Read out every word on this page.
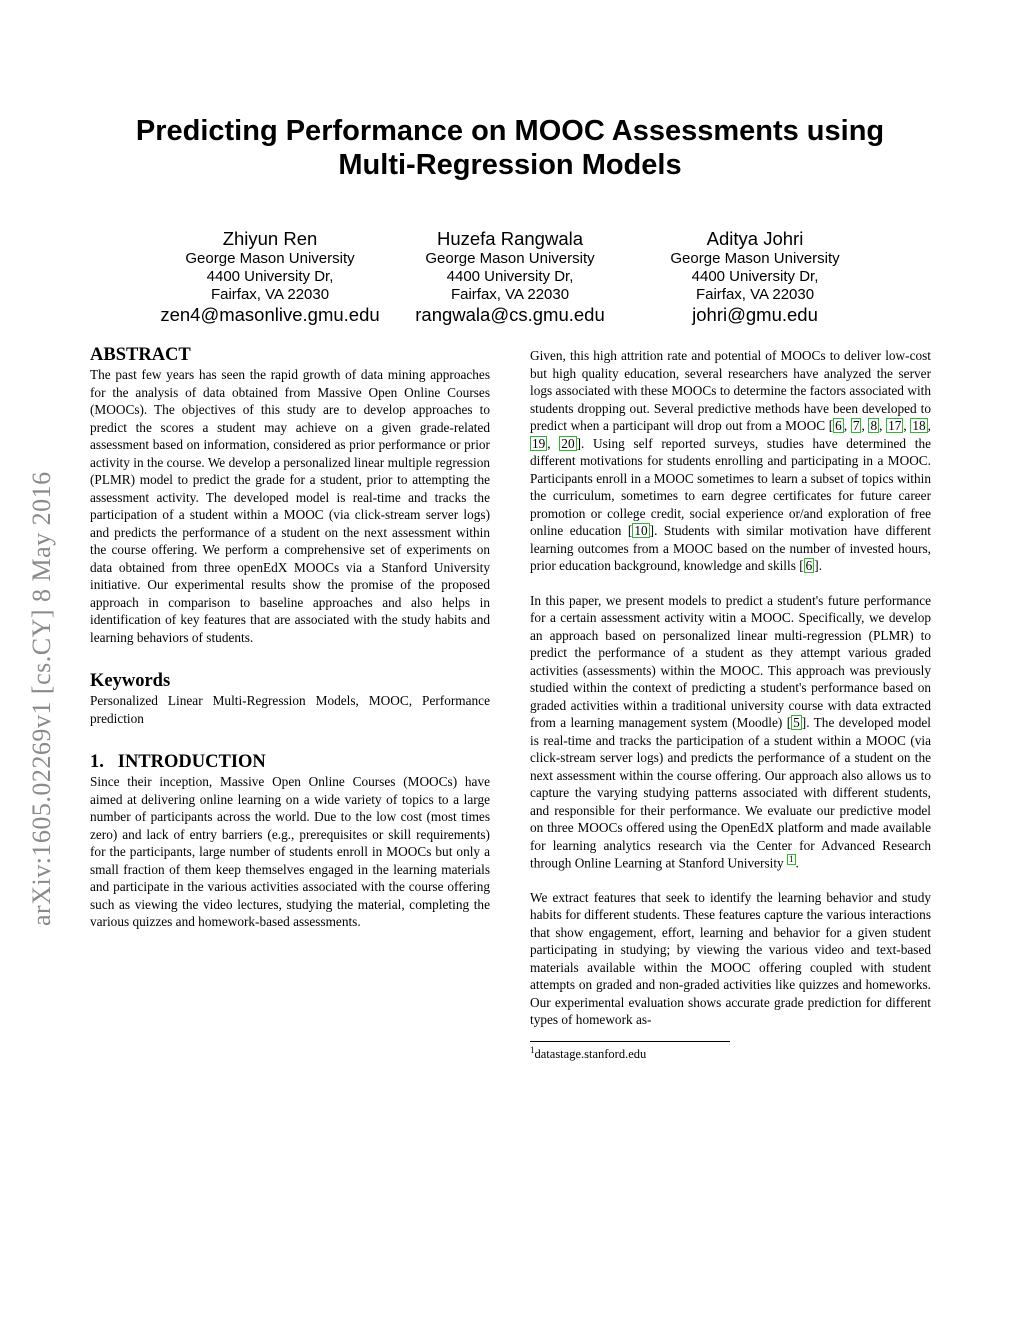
arXiv:1605.02269v1 [cs.CY] 8 May 2016
Predicting Performance on MOOC Assessments using
Multi-Regression Models
Zhiyun Ren
George Mason University
4400 University Dr,
Fairfax, VA 22030
zen4@masonlive.gmu.edu
Huzefa Rangwala
George Mason University
4400 University Dr,
Fairfax, VA 22030
rangwala@cs.gmu.edu
Aditya Johri
George Mason University
4400 University Dr,
Fairfax, VA 22030
johri@gmu.edu
ABSTRACT

The past few years has seen the rapid growth of data mining approaches for the analysis of data obtained from Massive Open Online Courses (MOOCs). The objectives of this study are to develop approaches to predict the scores a student may achieve on a given grade-related assessment based on information, considered as prior performance or prior activity in the course. We develop a personalized linear multiple regression (PLMR) model to predict the grade for a student, prior to attempting the assessment activity. The developed model is real-time and tracks the participation of a student within a MOOC (via click-stream server logs) and predicts the performance of a student on the next assessment within the course offering. We perform a comprehensive set of experiments on data obtained from three openEdX MOOCs via a Stanford University initiative. Our experimental results show the promise of the proposed approach in comparison to baseline approaches and also helps in identification of key features that are associated with the study habits and learning behaviors of students.

Keywords

Personalized Linear Multi-Regression Models, MOOC, Performance prediction

1.   INTRODUCTION

Since their inception, Massive Open Online Courses (MOOCs) have aimed at delivering online learning on a wide variety of topics to a large number of participants across the world. Due to the low cost (most times zero) and lack of entry barriers (e.g., prerequisites or skill requirements) for the participants, large number of students enroll in MOOCs but only a small fraction of them keep themselves engaged in the learning materials and participate in the various activities associated with the course offering such as viewing the video lectures, studying the material, completing the various quizzes and homework-based assessments.

Given, this high attrition rate and potential of MOOCs to deliver low-cost but high quality education, several researchers have analyzed the server logs associated with these MOOCs to determine the factors associated with students dropping out. Several predictive methods have been developed to predict when a participant will drop out from a MOOC [ 6 , 7 , 8 , 17 , 18 , 19 , 20 ]. Using self reported surveys, studies have determined the different motivations for students enrolling and participating in a MOOC. Participants enroll in a MOOC sometimes to learn a subset of topics within the curriculum, sometimes to earn degree certificates for future career promotion or college credit, social experience or/and exploration of free online education [ 10 ]. Students with similar motivation have different learning outcomes from a MOOC based on the number of invested hours, prior education background, knowledge and skills [ 6 ].

In this paper, we present models to predict a student's future performance for a certain assessment activity witin a MOOC. Specifically, we develop an approach based on personalized linear multi-regression (PLMR) to predict the performance of a student as they attempt various graded activities (assessments) within the MOOC. This approach was previously studied within the context of predicting a student's performance based on graded activities within a traditional university course with data extracted from a learning management system (Moodle) [ 5 ]. The developed model is real-time and tracks the participation of a student within a MOOC (via click-stream server logs) and predicts the performance of a student on the next assessment within the course offering. Our approach also allows us to capture the varying studying patterns associated with different students, and responsible for their performance. We evaluate our predictive model on three MOOCs offered using the OpenEdX platform and made available for learning analytics research via the Center for Advanced Research through Online Learning at Stanford University $^1$ .

We extract features that seek to identify the learning behavior and study habits for different students. These features capture the various interactions that show engagement, effort, learning and behavior for a given student participating in studying; by viewing the various video and text-based materials available within the MOOC offering coupled with student attempts on graded and non-graded activities like quizzes and homeworks. Our experimental evaluation shows accurate grade prediction for different types of homework as-

$^1$datastage.stanford.edu
